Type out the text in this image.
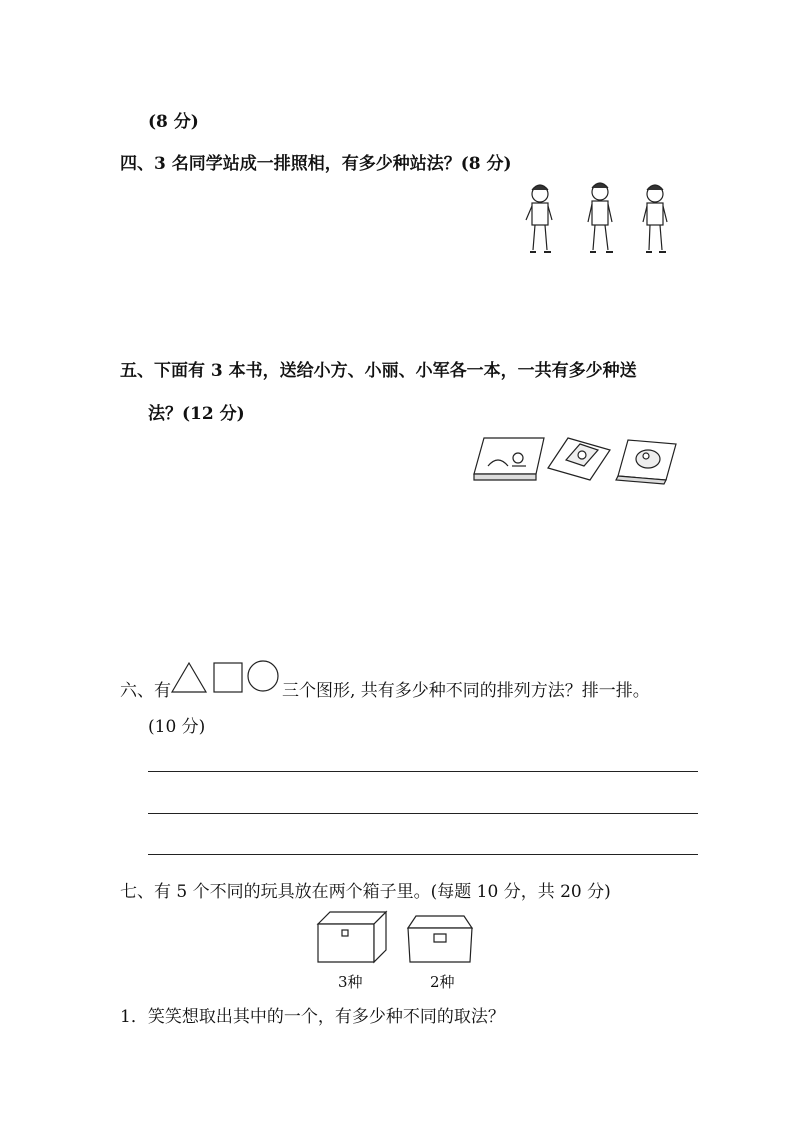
(8 分)
四、3 名同学站成一排照相，有多少种站法？(8 分)
五、下面有 3 本书，送给小方、小丽、小军各一本，一共有多少种送
法？(12 分)
六、有	三个图形, 共有多少种不同的排列方法？排一排。
(10 分)
七、有 5 个不同的玩具放在两个箱子里。(每题 10 分，共 20 分)
3种	2种
1．笑笑想取出其中的一个，有多少种不同的取法？
